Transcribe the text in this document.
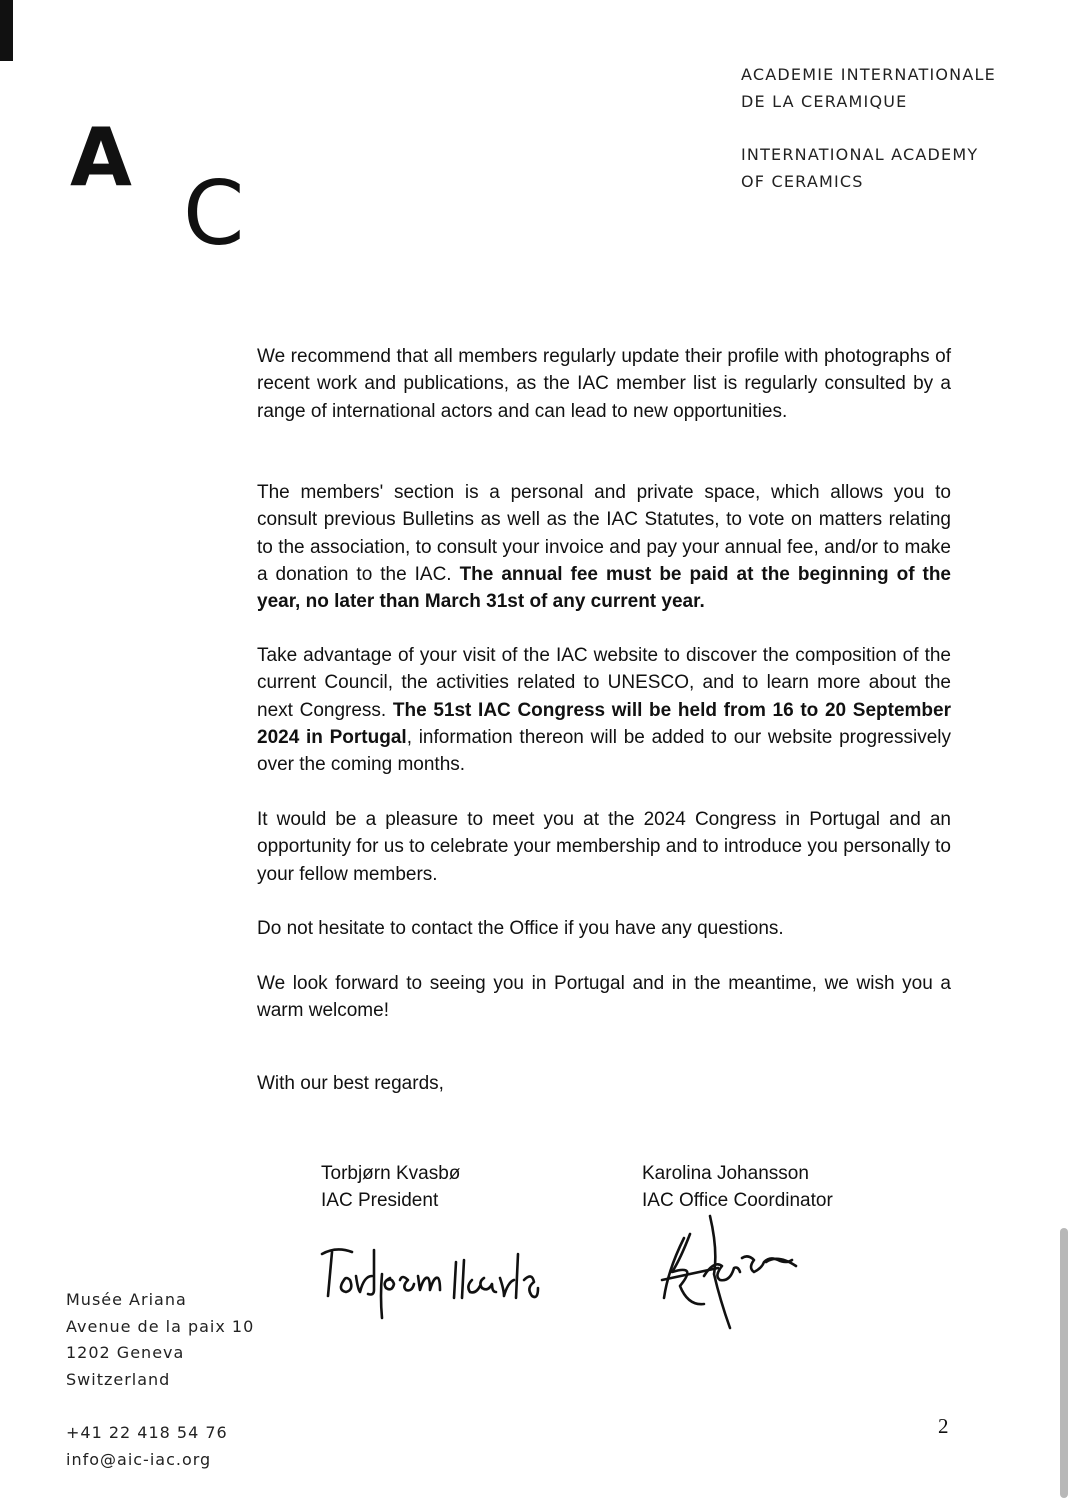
A
C
ACADEMIE INTERNATIONALE
DE LA CERAMIQUE
INTERNATIONAL ACADEMY
OF CERAMICS
We recommend that all members regularly update their profile with photographs of recent work and publications, as the IAC member list is regularly consulted by a range of international actors and can lead to new opportunities.
The members' section is a personal and private space, which allows you to consult previous Bulletins as well as the IAC Statutes, to vote on matters relating to the association, to consult your invoice and pay your annual fee, and/or to make a donation to the IAC. The annual fee must be paid at the beginning of the year, no later than March 31st of any current year.
Take advantage of your visit of the IAC website to discover the composition of the current Council, the activities related to UNESCO, and to learn more about the next Congress. The 51st IAC Congress will be held from 16 to 20 September 2024 in Portugal, information thereon will be added to our website progressively over the coming months.
It would be a pleasure to meet you at the 2024 Congress in Portugal and an opportunity for us to celebrate your membership and to introduce you personally to your fellow members.
Do not hesitate to contact the Office if you have any questions.
We look forward to seeing you in Portugal and in the meantime, we wish you a warm welcome!
With our best regards,
Torbjørn Kvasbø
IAC President
Karolina Johansson
IAC Office Coordinator
Musée Ariana
Avenue de la paix 10
1202 Geneva
Switzerland
+41 22 418 54 76
info@aic-iac.org
2
